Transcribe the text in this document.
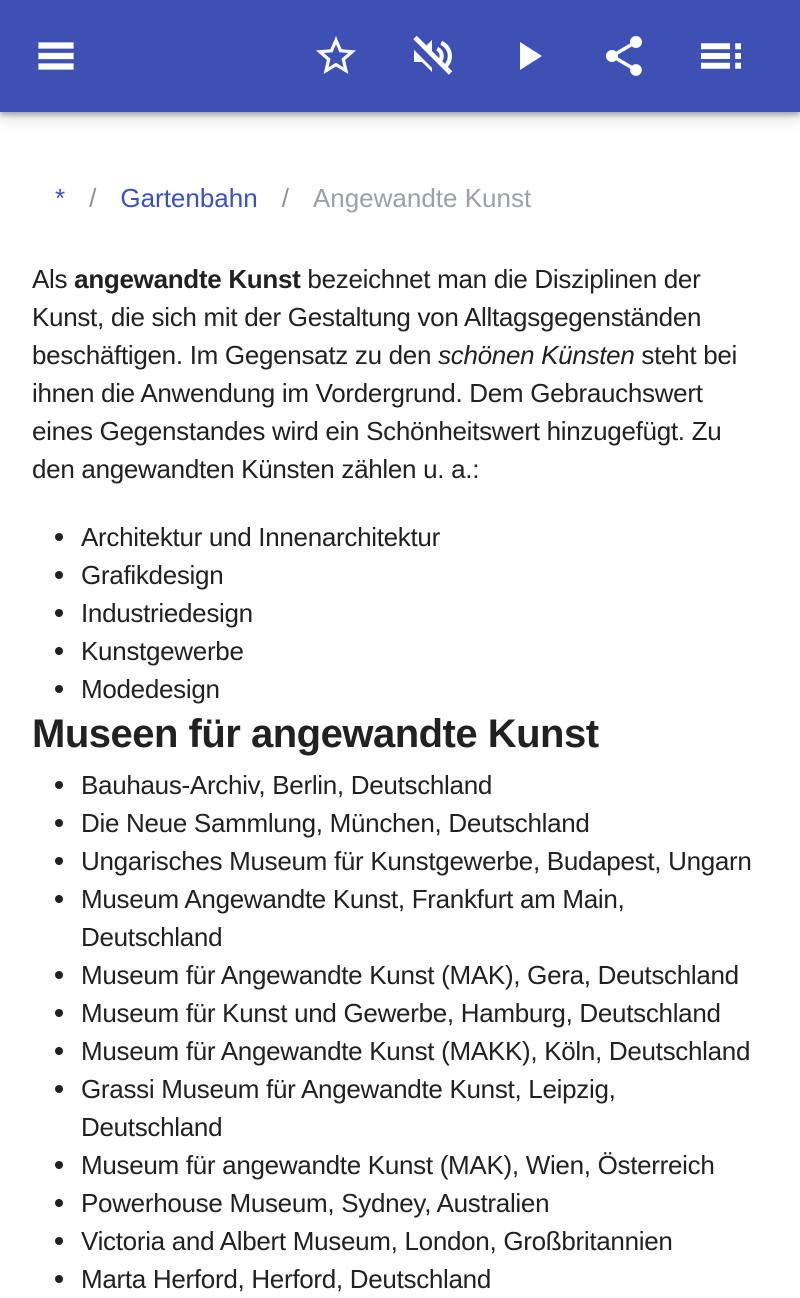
* / Gartenbahn / Angewandte Kunst

Als angewandte Kunst bezeichnet man die Disziplinen der Kunst, die sich mit der Gestaltung von Alltagsgegenständen beschäftigen. Im Gegensatz zu den schönen Künsten steht bei ihnen die Anwendung im Vordergrund. Dem Gebrauchswert eines Gegenstandes wird ein Schönheitswert hinzugefügt. Zu den angewandten Künsten zählen u. a.:

Architektur und Innenarchitektur
Grafikdesign
Industriedesign
Kunstgewerbe
Modedesign
Museen für angewandte Kunst
Bauhaus-Archiv, Berlin, Deutschland
Die Neue Sammlung, München, Deutschland
Ungarisches Museum für Kunstgewerbe, Budapest, Ungarn
Museum Angewandte Kunst, Frankfurt am Main,
Deutschland
Museum für Angewandte Kunst (MAK), Gera, Deutschland
Museum für Kunst und Gewerbe, Hamburg, Deutschland
Museum für Angewandte Kunst (MAKK), Köln, Deutschland
Grassi Museum für Angewandte Kunst, Leipzig,
Deutschland
Museum für angewandte Kunst (MAK), Wien, Österreich
Powerhouse Museum, Sydney, Australien
Victoria and Albert Museum, London, Großbritannien
Marta Herford, Herford, Deutschland
